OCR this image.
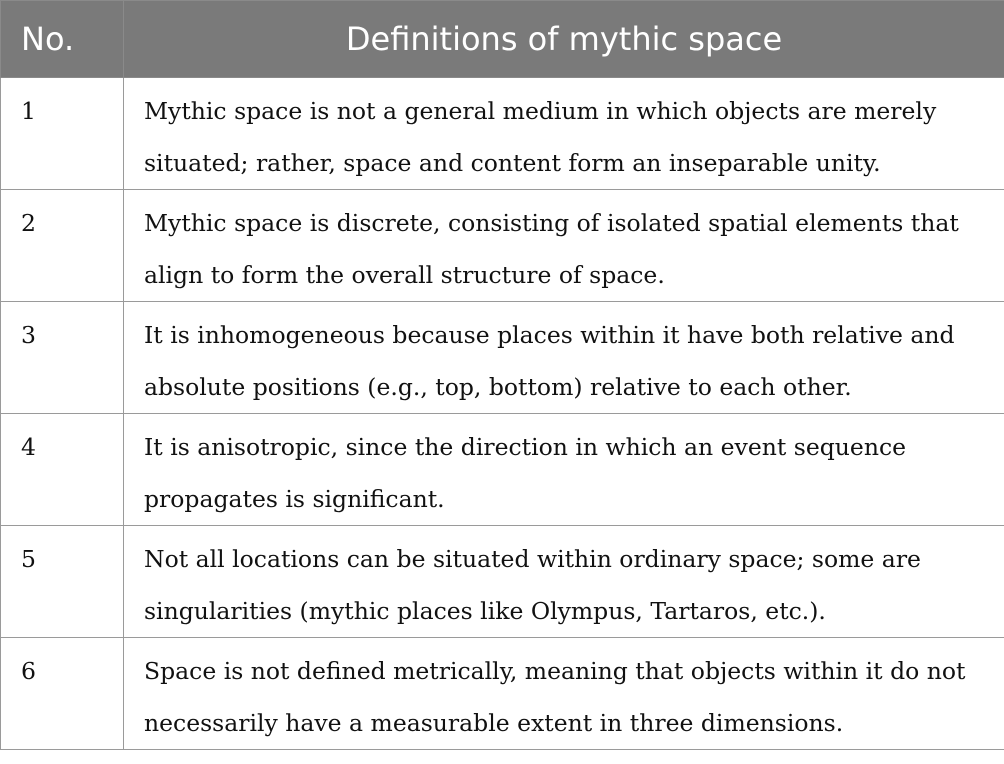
No.	Definitions of mythic space
1	Mythic space is not a general medium in which objects are merely situated; rather, space and content form an inseparable unity.
2	Mythic space is discrete, consisting of isolated spatial elements that align to form the overall structure of space.
3	It is inhomogeneous because places within it have both relative and absolute positions (e.g., top, bottom) relative to each other.
4	It is anisotropic, since the direction in which an event sequence propagates is significant.
5	Not all locations can be situated within ordinary space; some are singularities (mythic places like Olympus, Tartaros, etc.).
6	Space is not defined metrically, meaning that objects within it do not necessarily have a measurable extent in three dimensions.
